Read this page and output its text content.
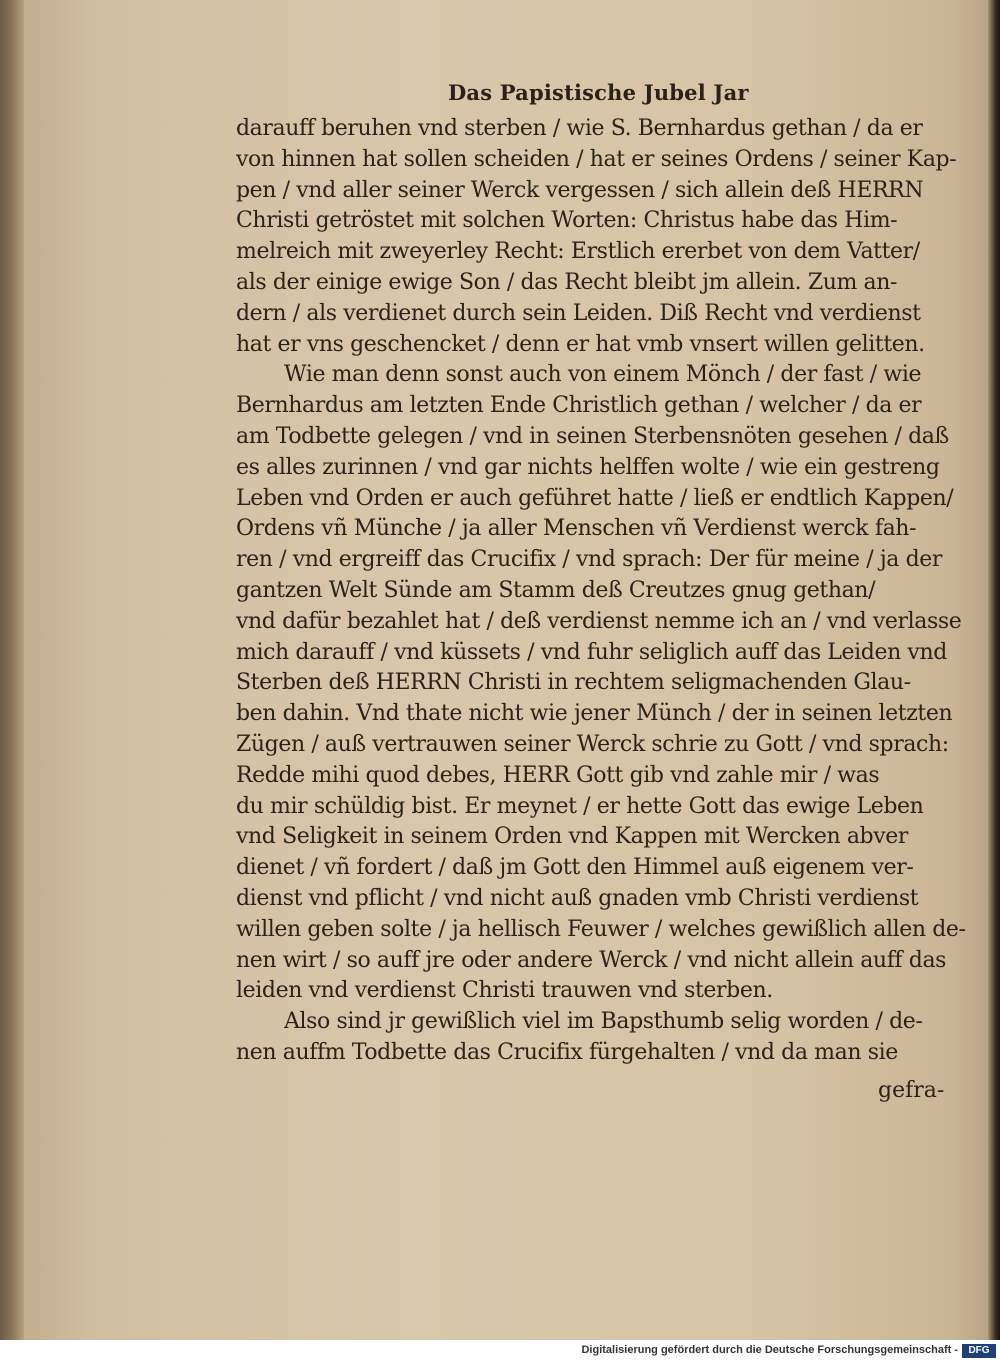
Das Papistische Jubel Jar
darauff beruhen vnd sterben / wie S. Bernhardus gethan / da er
von hinnen hat sollen scheiden / hat er seines Ordens / seiner Kap-
pen / vnd aller seiner Werck vergessen / sich allein deß HERRN
Christi getröstet mit solchen Worten: Christus habe das Him-
melreich mit zweyerley Recht: Erstlich ererbet von dem Vatter/
als der einige ewige Son / das Recht bleibt jm allein. Zum an-
dern / als verdienet durch sein Leiden. Diß Recht vnd verdienst
hat er vns geschencket / denn er hat vmb vnsert willen gelitten.
Wie man denn sonst auch von einem Mönch / der fast / wie
Bernhardus am letzten Ende Christlich gethan / welcher / da er
am Todbette gelegen / vnd in seinen Sterbensnöten gesehen / daß
es alles zurinnen / vnd gar nichts helffen wolte / wie ein gestreng
Leben vnd Orden er auch geführet hatte / ließ er endtlich Kappen/
Ordens vñ Münche / ja aller Menschen vñ Verdienst werck fah-
ren / vnd ergreiff das Crucifix / vnd sprach: Der für meine / ja der
gantzen Welt Sünde am Stamm deß Creutzes gnug gethan/
vnd dafür bezahlet hat / deß verdienst nemme ich an / vnd verlasse
mich darauff / vnd küssets / vnd fuhr seliglich auff das Leiden vnd
Sterben deß HERRN Christi in rechtem seligmachenden Glau-
ben dahin. Vnd thate nicht wie jener Münch / der in seinen letzten
Zügen / auß vertrauwen seiner Werck schrie zu Gott / vnd sprach:
Redde mihi quod debes, HERR Gott gib vnd zahle mir / was
du mir schüldig bist. Er meynet / er hette Gott das ewige Leben
vnd Seligkeit in seinem Orden vnd Kappen mit Wercken abver
dienet / vñ fordert / daß jm Gott den Himmel auß eigenem ver-
dienst vnd pflicht / vnd nicht auß gnaden vmb Christi verdienst
willen geben solte / ja hellisch Feuwer / welches gewißlich allen de-
nen wirt / so auff jre oder andere Werck / vnd nicht allein auff das
leiden vnd verdienst Christi trauwen vnd sterben.
Also sind jr gewißlich viel im Bapsthumb selig worden / de-
nen auffm Todbette das Crucifix fürgehalten / vnd da man sie
gefra-
Digitalisierung gefördert durch die Deutsche Forschungsgemeinschaft -	DFG
